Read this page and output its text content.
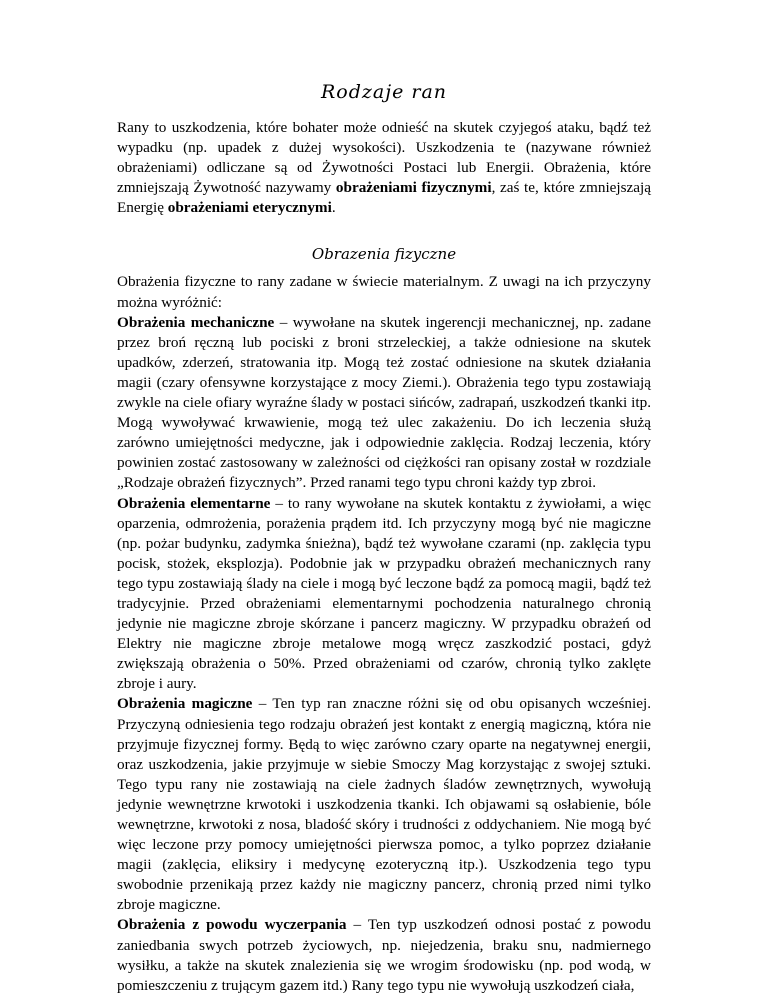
Rodzaje ran

Rany to uszkodzenia, które bohater może odnieść na skutek czyjegoś ataku, bądź też wypadku (np. upadek z dużej wysokości). Uszkodzenia te (nazywane również obrażeniami) odliczane są od Żywotności Postaci lub Energii. Obrażenia, które zmniejszają Żywotność nazywamy obrażeniami fizycznymi, zaś te, które zmniejszają Energię obrażeniami eterycznymi.

Obrazenia fizyczne

Obrażenia fizyczne to rany zadane w świecie materialnym. Z uwagi na ich przyczyny można wyróżnić:

Obrażenia mechaniczne – wywołane na skutek ingerencji mechanicznej, np. zadane przez broń ręczną lub pociski z broni strzeleckiej, a także odniesione na skutek upadków, zderzeń, stratowania itp. Mogą też zostać odniesione na skutek działania magii (czary ofensywne korzystające z mocy Ziemi.). Obrażenia tego typu zostawiają zwykle na ciele ofiary wyraźne ślady w postaci sińców, zadrapań, uszkodzeń tkanki itp. Mogą wywoływać krwawienie, mogą też ulec zakażeniu. Do ich leczenia służą zarówno umiejętności medyczne, jak i odpowiednie zaklęcia. Rodzaj leczenia, który powinien zostać zastosowany w zależności od ciężkości ran opisany został w rozdziale „Rodzaje obrażeń fizycznych”. Przed ranami tego typu chroni każdy typ zbroi.

Obrażenia elementarne – to rany wywołane na skutek kontaktu z żywiołami, a więc oparzenia, odmrożenia, porażenia prądem itd. Ich przyczyny mogą być nie magiczne (np. pożar budynku, zadymka śnieżna), bądź też wywołane czarami (np. zaklęcia typu pocisk, stożek, eksplozja). Podobnie jak w przypadku obrażeń mechanicznych rany tego typu zostawiają ślady na ciele i mogą być leczone bądź za pomocą magii, bądź też tradycyjnie. Przed obrażeniami elementarnymi pochodzenia naturalnego chronią jedynie nie magiczne zbroje skórzane i pancerz magiczny. W przypadku obrażeń od Elektry nie magiczne zbroje metalowe mogą wręcz zaszkodzić postaci, gdyż zwiększają obrażenia o 50%. Przed obrażeniami od czarów, chronią tylko zaklęte zbroje i aury.

Obrażenia magiczne – Ten typ ran znaczne różni się od obu opisanych wcześniej. Przyczyną odniesienia tego rodzaju obrażeń jest kontakt z energią magiczną, która nie przyjmuje fizycznej formy. Będą to więc zarówno czary oparte na negatywnej energii, oraz uszkodzenia, jakie przyjmuje w siebie Smoczy Mag korzystając z swojej sztuki. Tego typu rany nie zostawiają na ciele żadnych śladów zewnętrznych, wywołują jedynie wewnętrzne krwotoki i uszkodzenia tkanki. Ich objawami są osłabienie, bóle wewnętrzne, krwotoki z nosa, bladość skóry i trudności z oddychaniem. Nie mogą być więc leczone przy pomocy umiejętności pierwsza pomoc, a tylko poprzez działanie magii (zaklęcia, eliksiry i medycynę ezoteryczną itp.). Uszkodzenia tego typu swobodnie przenikają przez każdy nie magiczny pancerz, chronią przed nimi tylko zbroje magiczne.

Obrażenia z powodu wyczerpania – Ten typ uszkodzeń odnosi postać z powodu zaniedbania swych potrzeb życiowych, np. niejedzenia, braku snu, nadmiernego wysiłku, a także na skutek znalezienia się we wrogim środowisku (np. pod wodą, w pomieszczeniu z trującym gazem itd.) Rany tego typu nie wywołują uszkodzeń ciała,
